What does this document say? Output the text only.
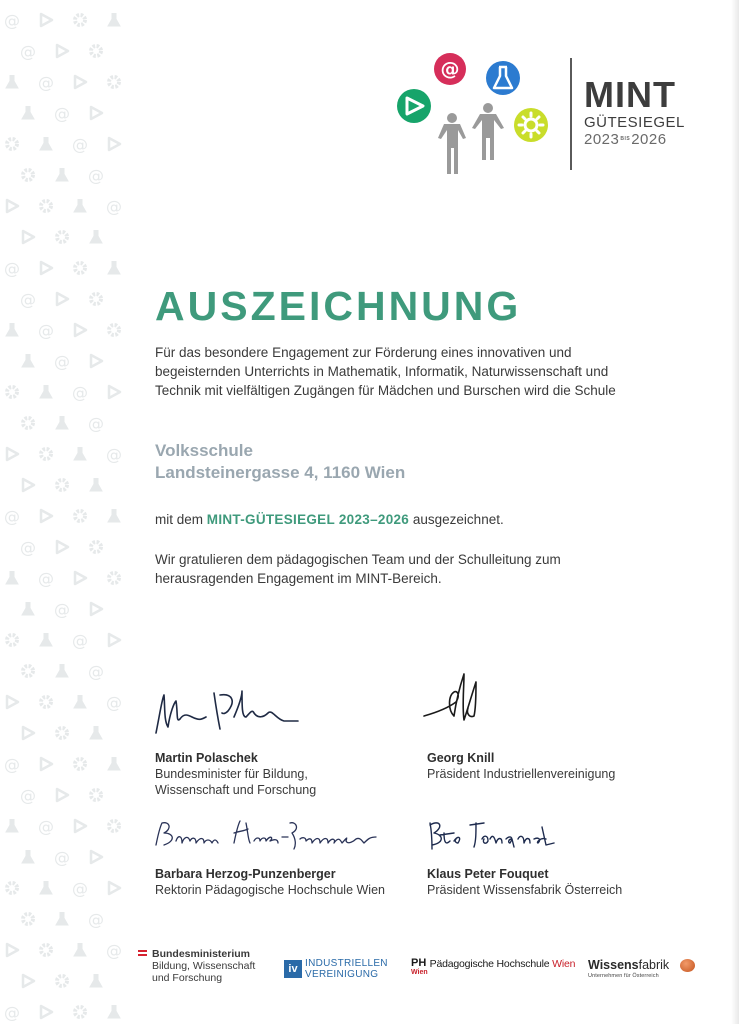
@
@
@
@
@
@
@
@
@
@
@
@
@
@
@
@
@
@
@
@
@
@
@
@
@
@
@
@
@
@
MINT
GÜTESIEGEL
2023 BIS 2026
AUSZEICHNUNG
Für das besondere Engagement zur Förderung eines innovativen und begeisternden Unterrichts in Mathematik, Informatik, Naturwissenschaft und Technik mit vielfältigen Zugängen für Mädchen und Burschen wird die Schule
Volksschule
Landsteinergasse 4, 1160 Wien
mit dem MINT-GÜTESIEGEL 2023–2026 ausgezeichnet.
Wir gratulieren dem pädagogischen Team und der Schulleitung zum herausragenden Engagement im MINT-Bereich.
Martin Polaschek
Bundesminister für Bildung,
Wissenschaft und Forschung
Georg Knill
Präsident Industriellenvereinigung
Barbara Herzog-Punzenberger
Rektorin Pädagogische Hochschule Wien
Klaus Peter Fouquet
Präsident Wissensfabrik Österreich
Bundesministerium
Bildung, Wissenschaft
und Forschung
iv INDUSTRIELLEN
VEREINIGUNG
PH
Wien
Pädagogische Hochschule Wien Wissensfabrik
Unternehmen für Österreich
